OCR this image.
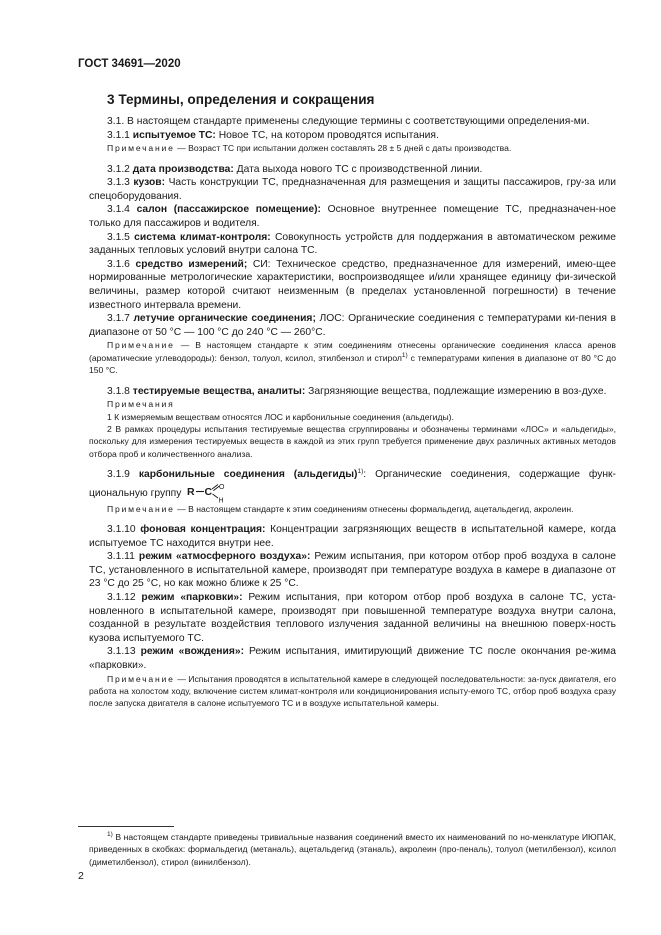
ГОСТ 34691—2020
3 Термины, определения и сокращения

3.1. В настоящем стандарте применены следующие термины с соответствующими определения-ми.

3.1.1 испытуемое ТС: Новое ТС, на котором проводятся испытания.

Примечание — Возраст ТС при испытании должен составлять 28 ± 5 дней с даты производства.

3.1.2 дата производства: Дата выхода нового ТС с производственной линии.

3.1.3 кузов: Часть конструкции ТС, предназначенная для размещения и защиты пассажиров, гру-за или спецоборудования.

3.1.4 салон (пассажирское помещение): Основное внутреннее помещение ТС, предназначен-ное только для пассажиров и водителя.

3.1.5 система климат-контроля: Совокупность устройств для поддержания в автоматическом режиме заданных тепловых условий внутри салона ТС.

3.1.6 средство измерений; СИ: Техническое средство, предназначенное для измерений, имею-щее нормированные метрологические характеристики, воспроизводящее и/или хранящее единицу фи-зической величины, размер которой считают неизменным (в пределах установленной погрешности) в течение известного интервала времени.

3.1.7 летучие органические соединения; ЛОС: Органические соединения с температурами ки-пения в диапазоне от 50 °С — 100 °С до 240 °С — 260°С.

Примечание — В настоящем стандарте к этим соединениям отнесены органические соединения класса аренов (ароматические углеводороды): бензол, толуол, ксилол, этилбензол и стирол$^{1)}$ с температурами кипения в диапазоне от 80 °С до 150 °С.

3.1.8 тестируемые вещества, аналиты: Загрязняющие вещества, подлежащие измерению в воз-духе.

Примечания

1 К измеряемым веществам относятся ЛОС и карбонильные соединения (альдегиды).

2 В рамках процедуры испытания тестируемые вещества сгруппированы и обозначены терминами «ЛОС» и «альдегиды», поскольку для измерения тестируемых веществ в каждой из этих групп требуется применение двух различных активных методов отбора проб и количественного анализа.

3.1.9 карбонильные соединения (альдегиды)$^{1)}$: Органические соединения, содержащие функ-циональную группу R C O
H

Примечание — В настоящем стандарте к этим соединениям отнесены формальдегид, ацетальдегид, акролеин.

3.1.10 фоновая концентрация: Концентрации загрязняющих веществ в испытательной камере, когда испытуемое ТС находится внутри нее.

3.1.11 режим «атмосферного воздуха»: Режим испытания, при котором отбор проб воздуха в салоне ТС, установленного в испытательной камере, производят при температуре воздуха в камере в диапазоне от 23 °С до 25 °С, но как можно ближе к 25 °С.

3.1.12 режим «парковки»: Режим испытания, при котором отбор проб воздуха в салоне ТС, уста-новленного в испытательной камере, производят при повышенной температуре воздуха внутри салона, созданной в результате воздействия теплового излучения заданной величины на внешнюю поверх-ность кузова испытуемого ТС.

3.1.13 режим «вождения»: Режим испытания, имитирующий движение ТС после окончания ре-жима «парковки».

Примечание — Испытания проводятся в испытательной камере в следующей последовательности: за-пуск двигателя, его работа на холостом ходу, включение систем климат-контроля или кондиционирования испыту-емого ТС, отбор проб воздуха сразу после запуска двигателя в салоне испытуемого ТС и в воздухе испытательной камеры.

$^{1)}$ В настоящем стандарте приведены тривиальные названия соединений вместо их наименований по но-менклатуре ИЮПАК, приведенных в скобках: формальдегид (метаналь), ацетальдегид (этаналь), акролеин (про-пеналь), толуол (метилбензол), ксилол (диметилбензол), стирол (винилбензол).

2
